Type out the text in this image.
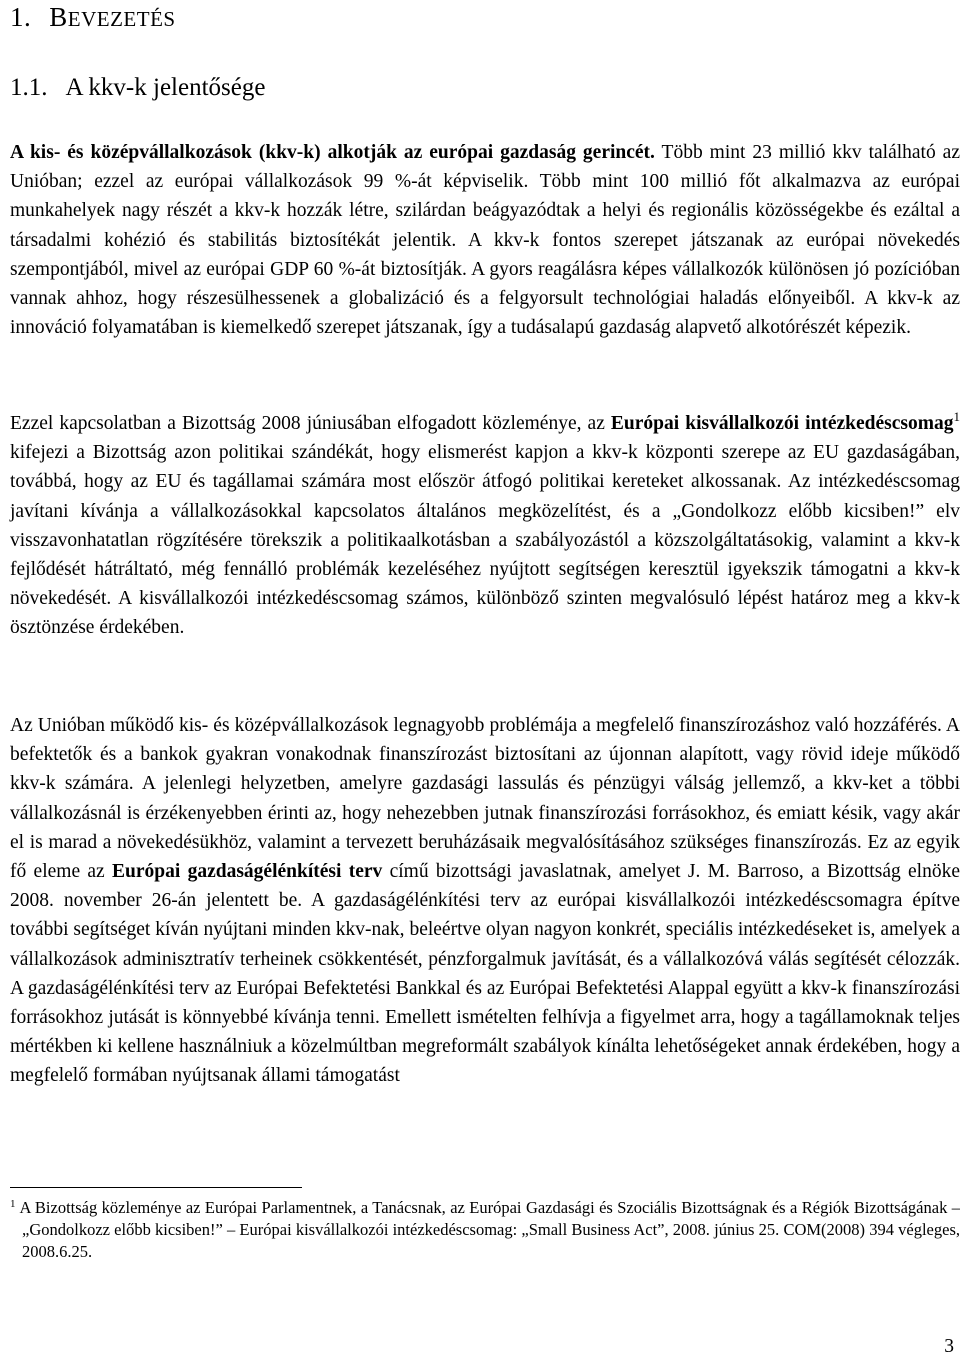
1. BEVEZETÉS
1.1. A kkv-k jelentősége
A kis- és középvállalkozások (kkv-k) alkotják az európai gazdaság gerincét. Több mint 23 millió kkv található az Unióban; ezzel az európai vállalkozások 99 %-át képviselik. Több mint 100 millió főt alkalmazva az európai munkahelyek nagy részét a kkv-k hozzák létre, szilárdan beágyazódtak a helyi és regionális közösségekbe és ezáltal a társadalmi kohézió és stabilitás biztosítékát jelentik. A kkv-k fontos szerepet játszanak az európai növekedés szempontjából, mivel az európai GDP 60 %-át biztosítják. A gyors reagálásra képes vállalkozók különösen jó pozícióban vannak ahhoz, hogy részesülhessenek a globalizáció és a felgyorsult technológiai haladás előnyeiből. A kkv-k az innováció folyamatában is kiemelkedő szerepet játszanak, így a tudásalapú gazdaság alapvető alkotórészét képezik.
Ezzel kapcsolatban a Bizottság 2008 júniusában elfogadott közleménye, az Európai kisvállalkozói intézkedéscsomag$^1$ kifejezi a Bizottság azon politikai szándékát, hogy elismerést kapjon a kkv-k központi szerepe az EU gazdaságában, továbbá, hogy az EU és tagállamai számára most először átfogó politikai kereteket alkossanak. Az intézkedéscsomag javítani kívánja a vállalkozásokkal kapcsolatos általános megközelítést, és a „Gondolkozz előbb kicsiben!” elv visszavonhatatlan rögzítésére törekszik a politikaalkotásban a szabályozástól a közszolgáltatásokig, valamint a kkv-k fejlődését hátráltató, még fennálló problémák kezeléséhez nyújtott segítségen keresztül igyekszik támogatni a kkv-k növekedését. A kisvállalkozói intézkedéscsomag számos, különböző szinten megvalósuló lépést határoz meg a kkv-k ösztönzése érdekében.
Az Unióban működő kis- és középvállalkozások legnagyobb problémája a megfelelő finanszírozáshoz való hozzáférés. A befektetők és a bankok gyakran vonakodnak finanszírozást biztosítani az újonnan alapított, vagy rövid ideje működő kkv-k számára. A jelenlegi helyzetben, amelyre gazdasági lassulás és pénzügyi válság jellemző, a kkv-ket a többi vállalkozásnál is érzékenyebben érinti az, hogy nehezebben jutnak finanszírozási forrásokhoz, és emiatt késik, vagy akár el is marad a növekedésükhöz, valamint a tervezett beruházásaik megvalósításához szükséges finanszírozás. Ez az egyik fő eleme az Európai gazdaságélénkítési terv című bizottsági javaslatnak, amelyet J. M. Barroso, a Bizottság elnöke 2008. november 26-án jelentett be. A gazdaságélénkítési terv az európai kisvállalkozói intézkedéscsomagra építve további segítséget kíván nyújtani minden kkv-nak, beleértve olyan nagyon konkrét, speciális intézkedéseket is, amelyek a vállalkozások adminisztratív terheinek csökkentését, pénzforgalmuk javítását, és a vállalkozóvá válás segítését célozzák. A gazdaságélénkítési terv az Európai Befektetési Bankkal és az Európai Befektetési Alappal együtt a kkv-k finanszírozási forrásokhoz jutását is könnyebbé kívánja tenni. Emellett ismételten felhívja a figyelmet arra, hogy a tagállamoknak teljes mértékben ki kellene használniuk a közelmúltban megreformált szabályok kínálta lehetőségeket annak érdekében, hogy a megfelelő formában nyújtsanak állami támogatást
$^1$ A Bizottság közleménye az Európai Parlamentnek, a Tanácsnak, az Európai Gazdasági és Szociális Bizottságnak és a Régiók Bizottságának – „Gondolkozz előbb kicsiben!” – Európai kisvállalkozói intézkedéscsomag: „Small Business Act”, 2008. június 25. COM(2008) 394 végleges, 2008.6.25.
3
